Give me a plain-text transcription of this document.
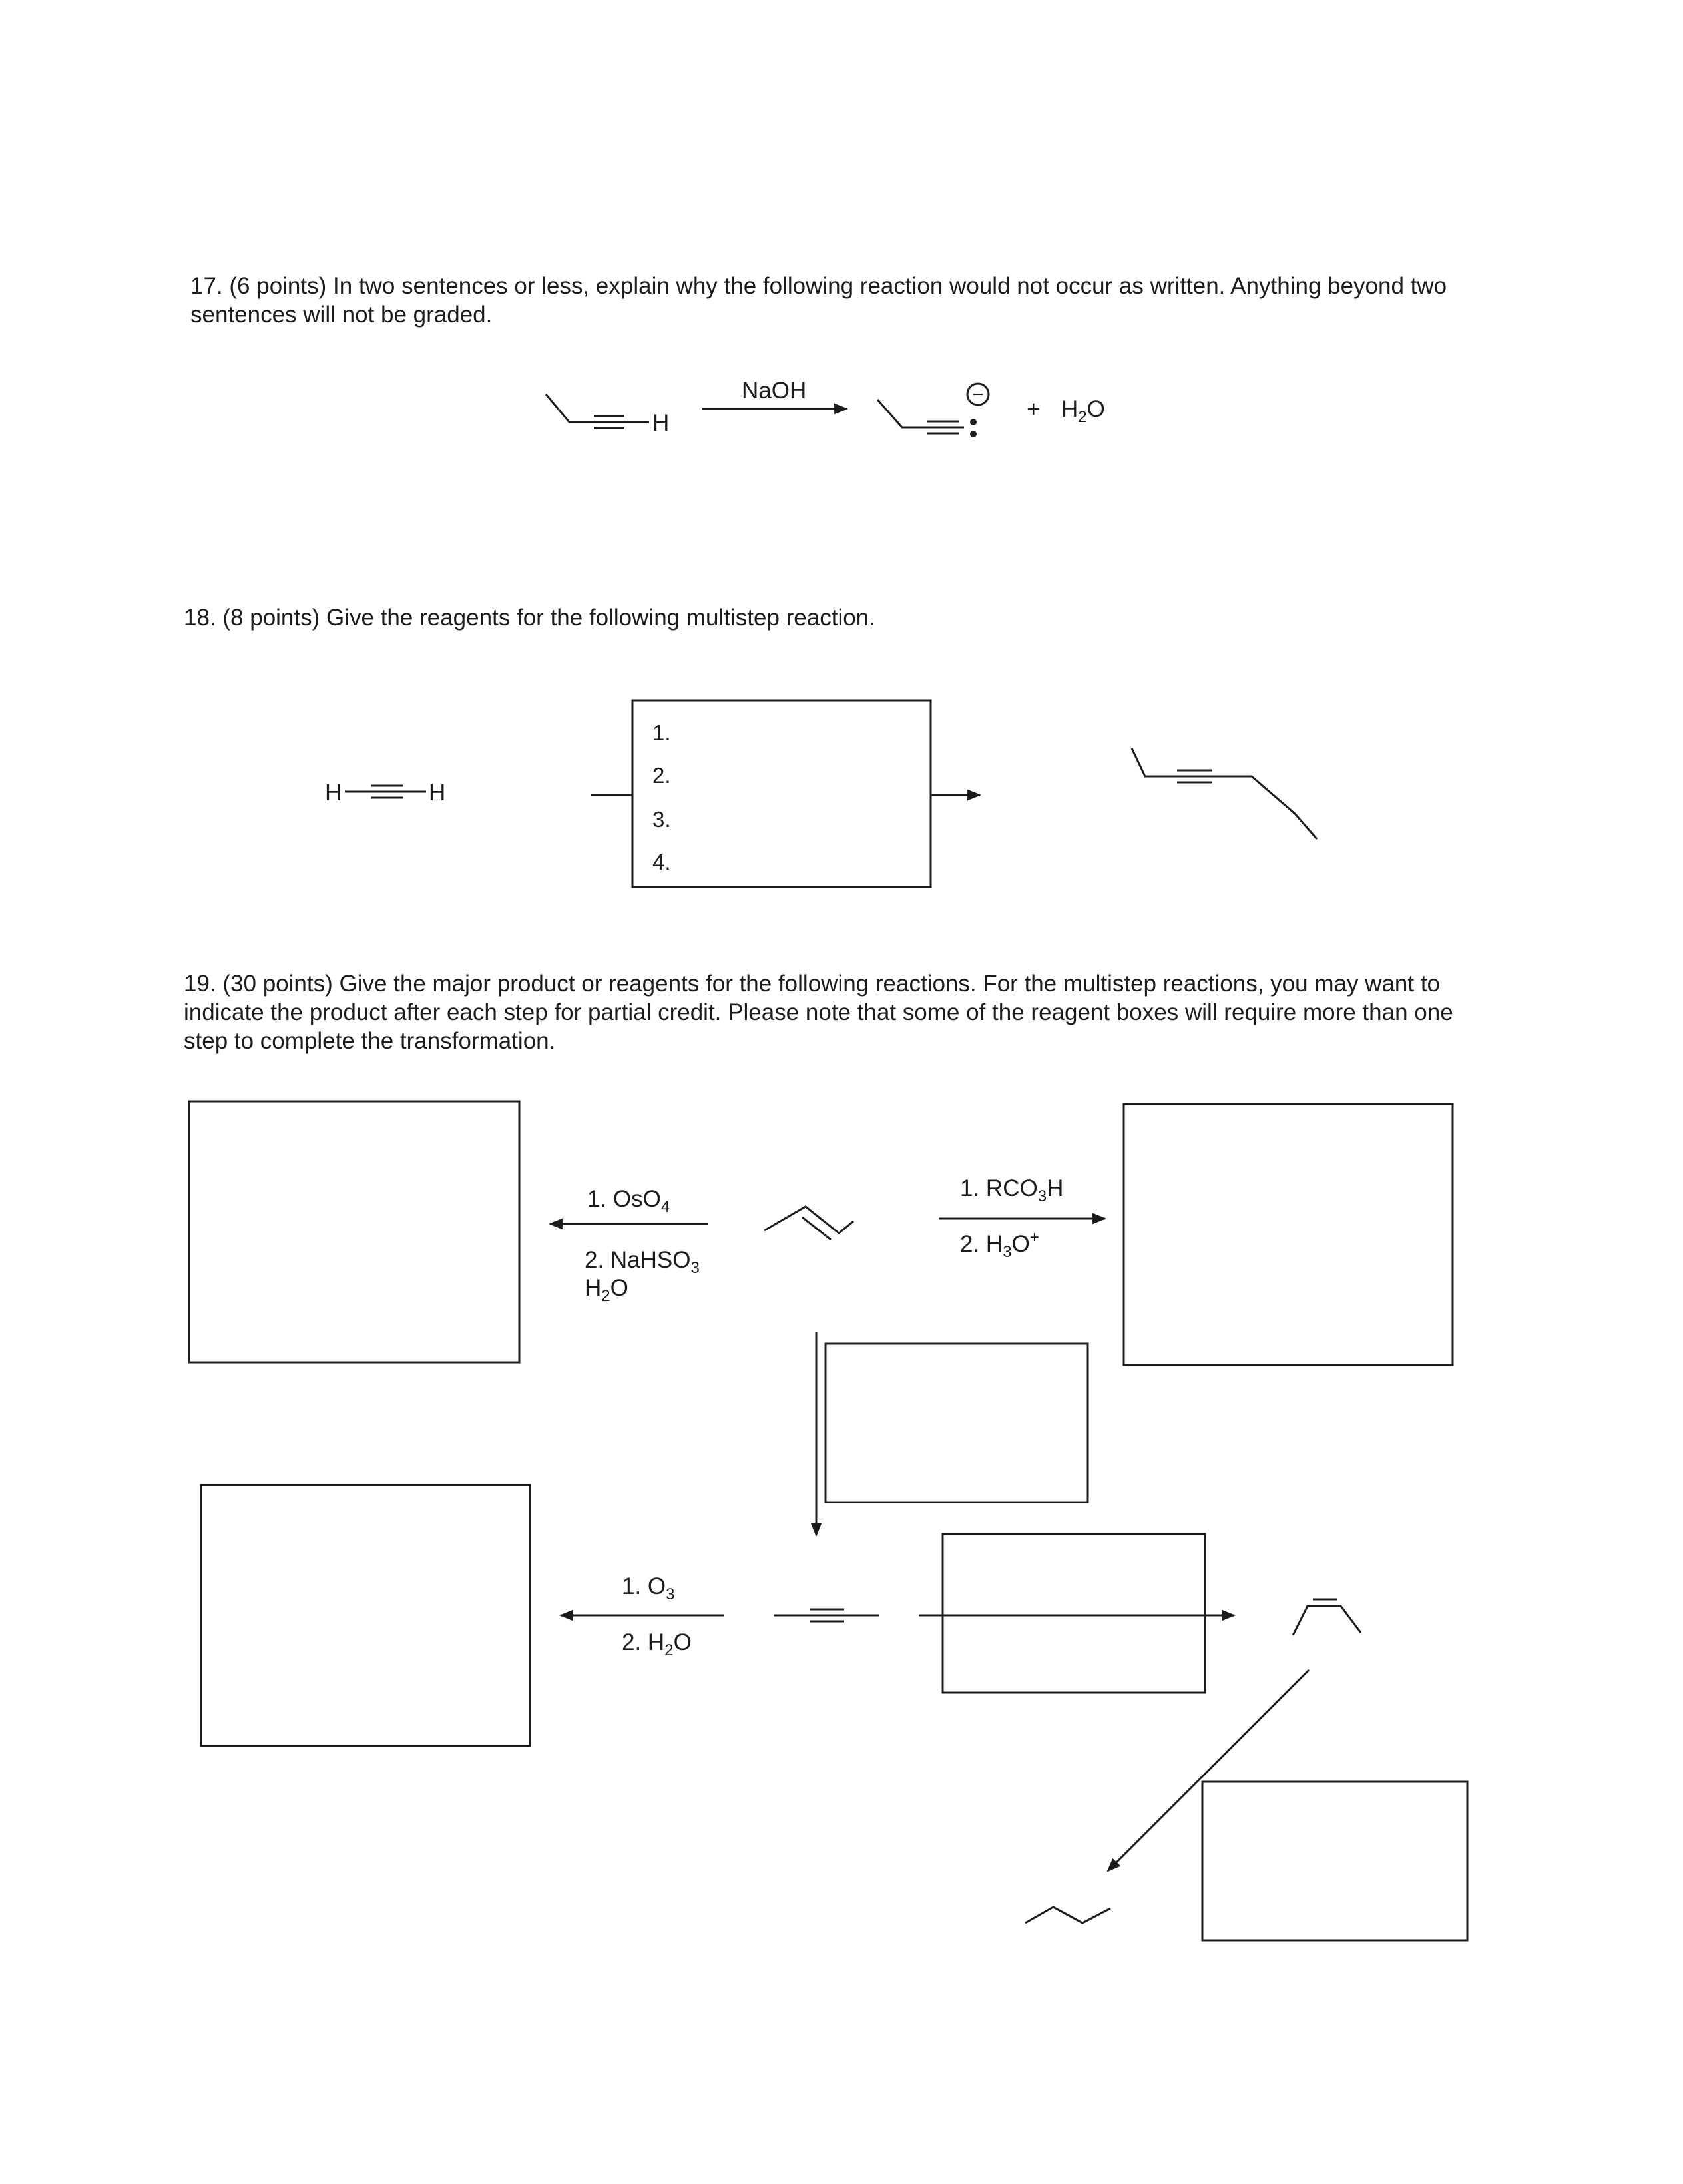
17. (6 points) In two sentences or less, explain why the following reaction would not occur as written. Anything beyond two sentences will not be graded.

18. (8 points) Give the reagents for the following multistep reaction.

19. (30 points) Give the major product or reagents for the following reactions. For the multistep reactions, you may want to indicate the product after each step for partial credit. Please note that some of the reagent boxes will require more than one step to complete the transformation.

H
NaOH	−
+ $H_2O$
H	H
1.
2.
3.
4.
1. OsO$_4$
2. NaHSO$_3$
$H_2O$
1. $RCO_3H$
2. $H_3O^+$
1. $O_3$
2. $H_2O$
